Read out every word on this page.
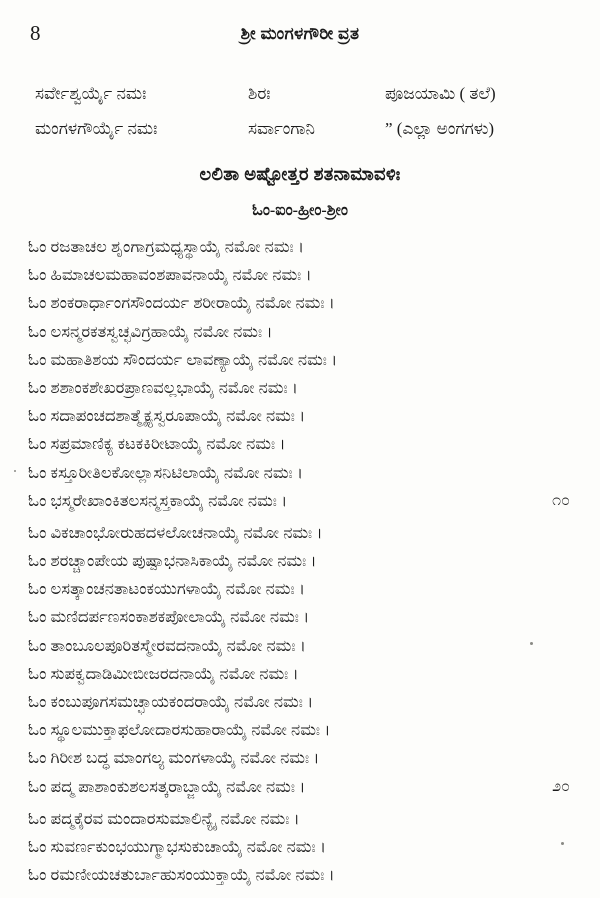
8	ಶ್ರೀ ಮಂಗಳಗೌರೀ ವ್ರತ
ಸರ್ವೇಶ್ವರ್ಯೈ ನಮಃ	ಶಿರಃ	ಪೂಜಯಾಮಿ ( ತಲೆ)
ಮಂಗಳಗೌರ್ಯೈ ನಮಃ	ಸರ್ವಾಂಗಾನಿ	” (ಎಲ್ಲಾ ಅಂಗಗಳು)
ಲಲಿತಾ ಅಷ್ಟೋತ್ತರ ಶತನಾಮಾವಳಿಃ
ಓಂ-ಐಂ-ಹ್ರೀಂ-ಶ್ರೀಂ
ಓಂ ರಜತಾಚಲ ಶೃಂಗಾಗ್ರಮಧ್ಯಸ್ಥಾಯೈ ನಮೋ ನಮಃ ।
ಓಂ ಹಿಮಾಚಲಮಹಾವಂಶಪಾವನಾಯೈ ನಮೋ ನಮಃ ।
ಓಂ ಶಂಕರಾರ್ಧಾಂಗಸೌಂದರ್ಯ ಶರೀರಾಯೈ ನಮೋ ನಮಃ ।
ಓಂ ಲಸನ್ಮರಕತಸ್ವಚ್ಛವಿಗ್ರಹಾಯೈ ನಮೋ ನಮಃ ।
ಓಂ ಮಹಾತಿಶಯ ಸೌಂದರ್ಯ ಲಾವಣ್ಯಾಯೈ ನಮೋ ನಮಃ ।
ಓಂ ಶಶಾಂಕಶೇಖರಪ್ರಾಣವಲ್ಲಭಾಯೈ ನಮೋ ನಮಃ ।
ಓಂ ಸದಾಪಂಚದಶಾತ್ಮೈಕ್ಯಸ್ವರೂಪಾಯೈ ನಮೋ ನಮಃ ।
ಓಂ ಸಪ್ರಮಾಣಿಕ್ಯ ಕಟಕಕಿರೀಟಾಯೈ ನಮೋ ನಮಃ ।
ಓಂ ಕಸ್ತೂರೀತಿಲಕೋಲ್ಲಾಸನಿಟಿಲಾಯೈ ನಮೋ ನಮಃ ।
ಓಂ ಭಸ್ಮರೇಖಾಂಕಿತಲಸನ್ಮಸ್ತಕಾಯೈ ನಮೋ ನಮಃ ।	೧೦
ಓಂ ವಿಕಚಾಂಭೋರುಹದಳಲೋಚನಾಯೈ ನಮೋ ನಮಃ ।
ಓಂ ಶರಚ್ಚಾಂಪೇಯ ಪುಷ್ಪಾಭನಾಸಿಕಾಯೈ ನಮೋ ನಮಃ ।
ಓಂ ಲಸತ್ಕಾಂಚನತಾಟಂಕಯುಗಳಾಯೈ ನಮೋ ನಮಃ ।
ಓಂ ಮಣಿದರ್ಪಣಸಂಕಾಶಕಪೋಲಾಯೈ ನಮೋ ನಮಃ ।
ಓಂ ತಾಂಬೂಲಪೂರಿತಸ್ಮೇರವದನಾಯೈ ನಮೋ ನಮಃ ।
ಓಂ ಸುಪಕ್ವದಾಡಿಮೀಬೀಜರದನಾಯೈ ನಮೋ ನಮಃ ।
ಓಂ ಕಂಬುಪೂಗಸಮಚ್ಛಾಯಕಂದರಾಯೈ ನಮೋ ನಮಃ ।
ಓಂ ಸ್ಥೂಲಮುಕ್ತಾಫಲೋದಾರಸುಹಾರಾಯೈ ನಮೋ ನಮಃ ।
ಓಂ ಗಿರೀಶ ಬದ್ಧ ಮಾಂಗಲ್ಯ ಮಂಗಳಾಯೈ ನಮೋ ನಮಃ ।
ಓಂ ಪದ್ಮ ಪಾಶಾಂಕುಶಲಸತ್ಕರಾಬ್ಜಾಯೈ ನಮೋ ನಮಃ ।	೨೦
ಓಂ ಪದ್ಮಕೈರವ ಮಂದಾರಸುಮಾಲಿನ್ಯೈ ನಮೋ ನಮಃ ।
ಓಂ ಸುವರ್ಣಕುಂಭಯುಗ್ಮಾಭಸುಕುಚಾಯೈ ನಮೋ ನಮಃ ।
ಓಂ ರಮಣೀಯಚತುರ್ಬಾಹುಸಂಯುಕ್ತಾಯೈ ನಮೋ ನಮಃ ।
